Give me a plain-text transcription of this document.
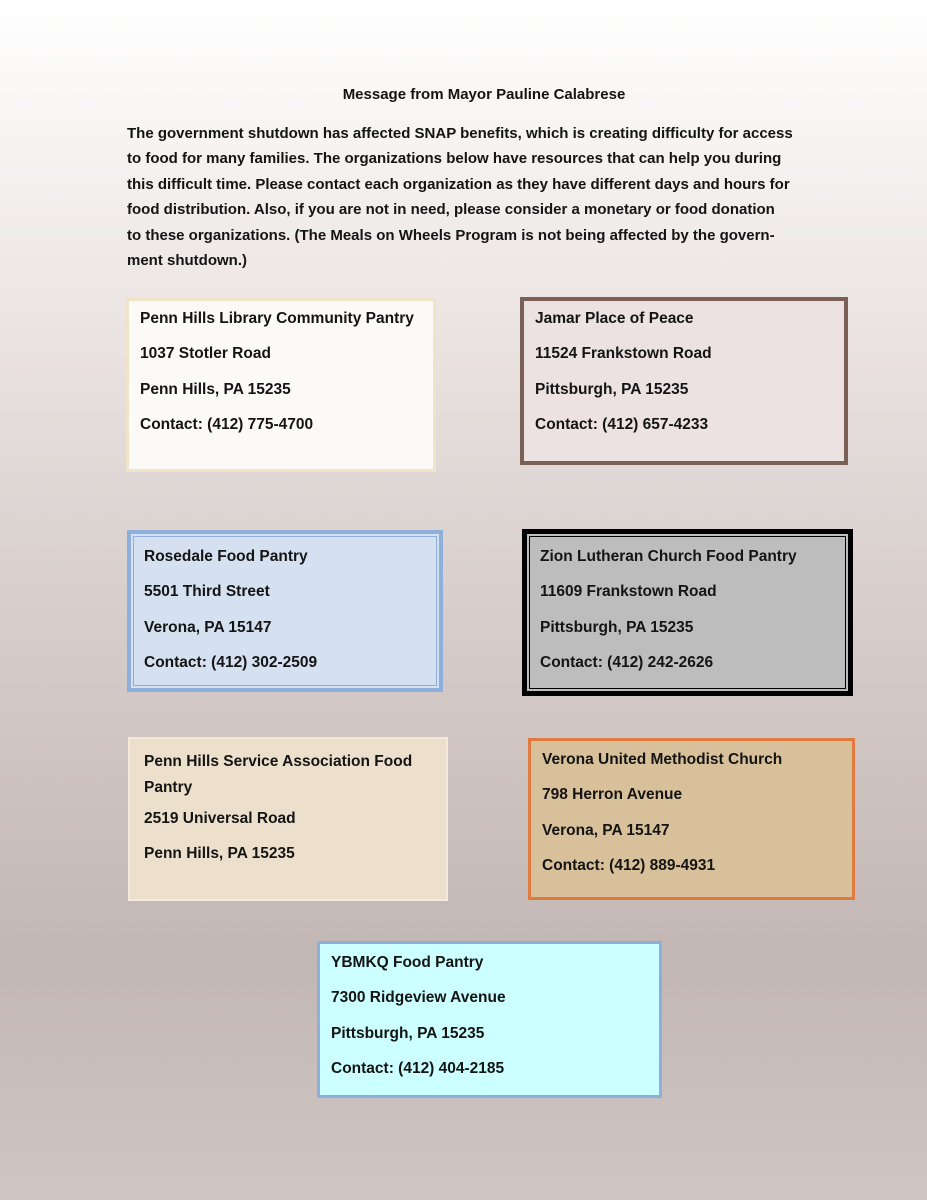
Message from Mayor Pauline Calabrese

The government shutdown has affected SNAP benefits, which is creating difficulty for access

to food for many families. The organizations below have resources that can help you during

this difficult time. Please contact each organization as they have different days and hours for

food distribution. Also, if you are not in need, please consider a monetary or food donation

to these organizations. (The Meals on Wheels Program is not being affected by the govern-

ment shutdown.)

Penn Hills Library Community Pantry
1037 Stotler Road
Penn Hills, PA 15235
Contact: (412) 775-4700
Jamar Place of Peace
11524 Frankstown Road
Pittsburgh, PA 15235
Contact: (412) 657-4233
Rosedale Food Pantry
5501 Third Street
Verona, PA 15147
Contact: (412) 302-2509
Zion Lutheran Church Food Pantry
11609 Frankstown Road
Pittsburgh, PA 15235
Contact: (412) 242-2626
Penn Hills Service Association Food
Pantry
2519 Universal Road
Penn Hills, PA 15235
Verona United Methodist Church
798 Herron Avenue
Verona, PA 15147
Contact: (412) 889-4931
YBMKQ Food Pantry
7300 Ridgeview Avenue
Pittsburgh, PA 15235
Contact: (412) 404-2185
